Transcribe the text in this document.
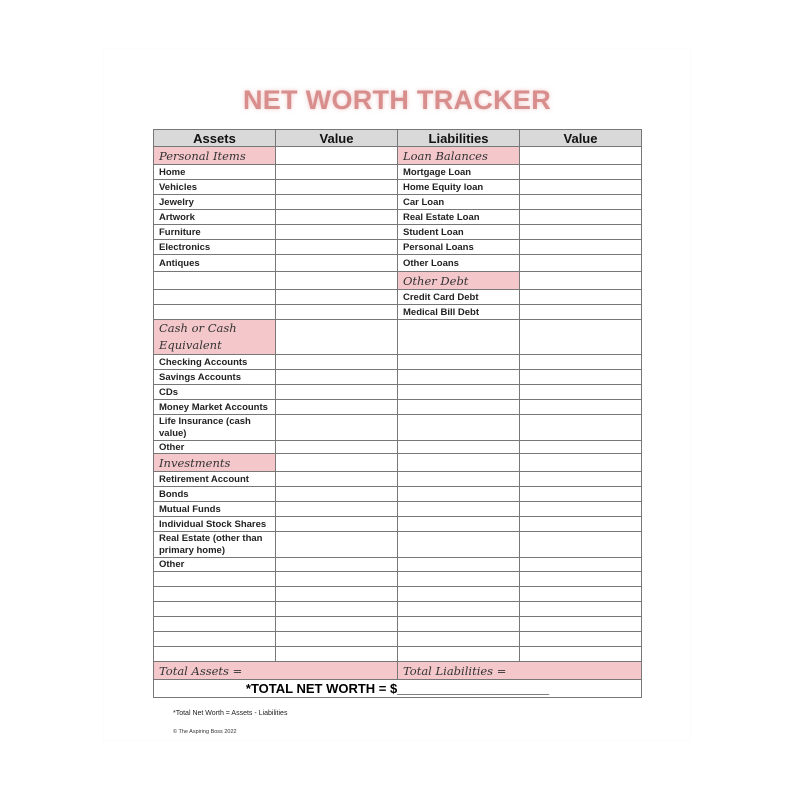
NET WORTH TRACKER
Assets	Value	Liabilities	Value
Personal Items		Loan Balances	
Home		Mortgage Loan	
Vehicles		Home Equity loan	
Jewelry		Car Loan	
Artwork		Real Estate Loan	
Furniture		Student Loan	
Electronics		Personal Loans	
Antiques		Other Loans	
		Other Debt	
		Credit Card Debt	
		Medical Bill Debt	
Cash or Cash Equivalent			
Checking Accounts			
Savings Accounts			
CDs			
Money Market Accounts			
Life Insurance (cash value)			
Other			
Investments			
Retirement Account			
Bonds			
Mutual Funds			
Individual Stock Shares			
Real Estate (other than primary home)			
Other			

Total Assets =		Total Liabilities =	
*TOTAL NET WORTH = $_____________________			
*Total Net Worth = Assets - Liabilities
© The Aspiring Boss 2022
